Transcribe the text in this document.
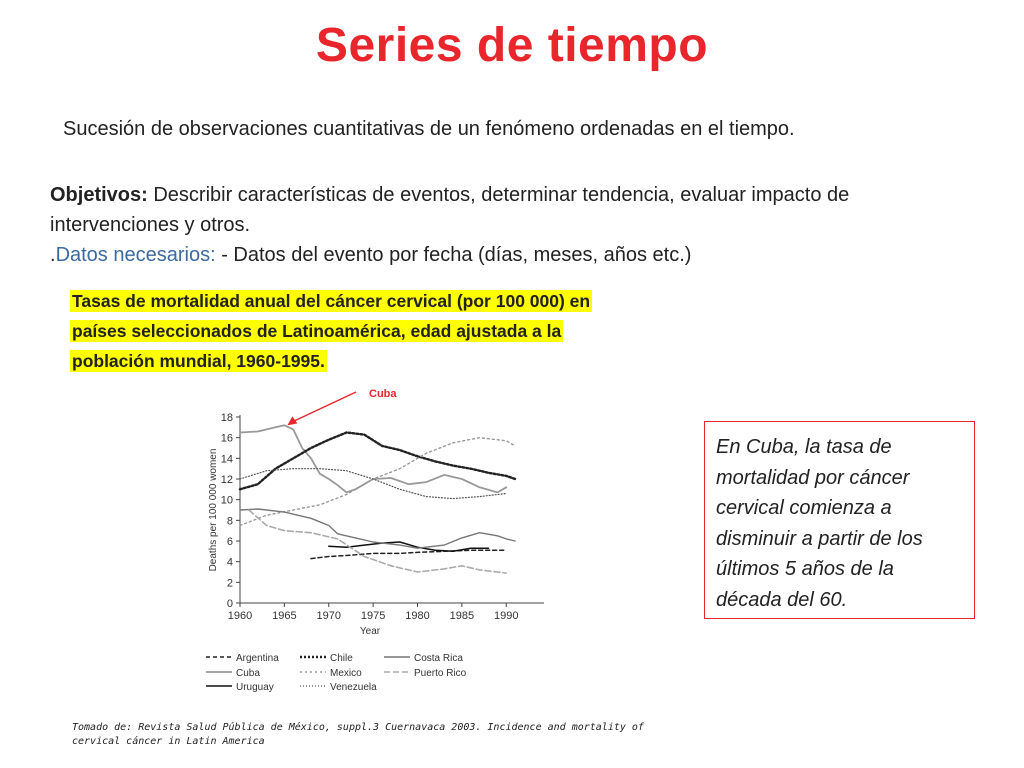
Series de tiempo
Sucesión de observaciones cuantitativas de un fenómeno ordenadas en el tiempo.
Objetivos: Describir características de eventos, determinar tendencia, evaluar impacto de intervenciones y otros.
.Datos necesarios: - Datos del evento por fecha (días, meses, años etc.)
Tasas de mortalidad anual del cáncer cervical (por 100 000) en
países seleccionados de Latinoamérica, edad ajustada a la
población mundial, 1960-1995.
0
2
4
6
8
10
12
14
16
18
1960 1965 1970 1975 1980 1985 1990
Year
Deaths per 100 000 women
Cuba
Argentina
Cuba
Uruguay
Chile
Mexico
Venezuela
Costa Rica
Puerto Rico
En Cuba, la tasa de mortalidad por cáncer cervical comienza a disminuir a partir de los últimos 5 años de la década del 60.
Tomado de: Revista Salud Pública de México, suppl.3 Cuernavaca 2003. Incidence and mortality of
cervical cáncer in Latin America
